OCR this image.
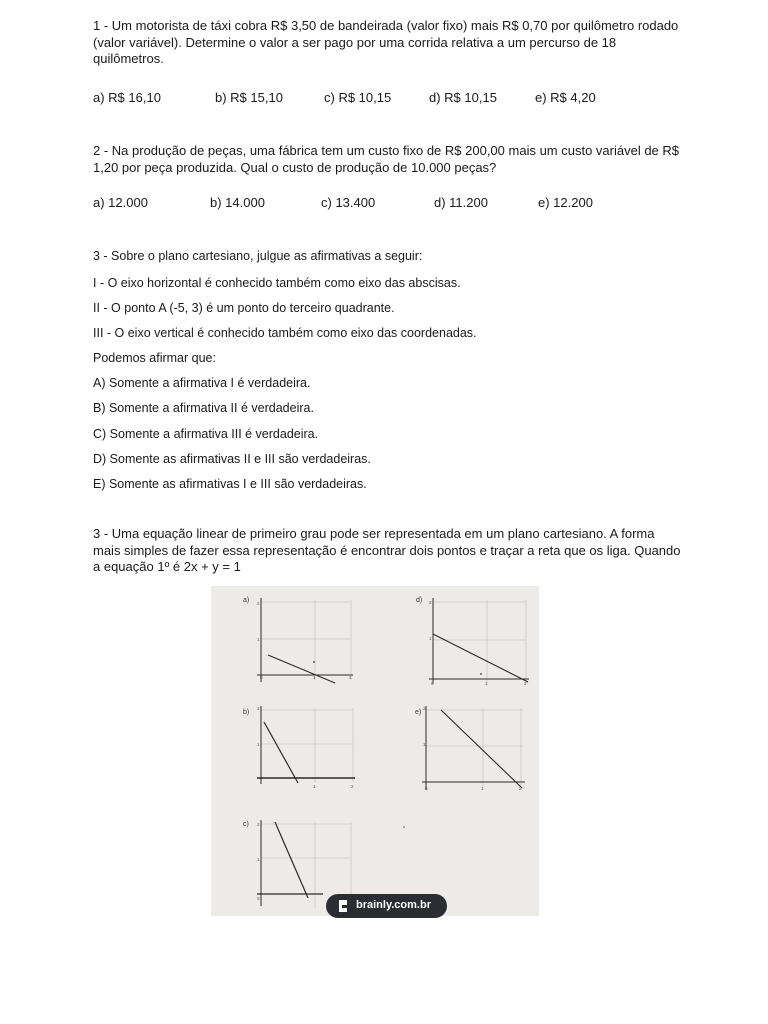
1 - Um motorista de táxi cobra R$ 3,50 de bandeirada (valor fixo) mais R$ 0,70 por quilômetro rodado (valor variável). Determine o valor a ser pago por uma corrida relativa a um percurso de 18 quilômetros.

a) R$ 16,10	b) R$ 15,10	c) R$ 10,15	d) R$ 10,15	e) R$ 4,20

2 - Na produção de peças, uma fábrica tem um custo fixo de R$ 200,00 mais um custo variável de R$ 1,20 por peça produzida. Qual o custo de produção de 10.000 peças?

a) 12.000	b) 14.000	c) 13.400	d) 11.200	e) 12.200
3 - Sobre o plano cartesiano, julgue as afirmativas a seguir:
I - O eixo horizontal é conhecido também como eixo das abscisas.
II - O ponto A (-5, 3) é um ponto do terceiro quadrante.
III - O eixo vertical é conhecido também como eixo das coordenadas.
Podemos afirmar que:
A) Somente a afirmativa I é verdadeira.
B) Somente a afirmativa II é verdadeira.
C) Somente a afirmativa III é verdadeira.
D) Somente as afirmativas II e III são verdadeiras.
E) Somente as afirmativas I e III são verdadeiras.

3 - Uma equação linear de primeiro grau pode ser representada em um plano cartesiano. A forma mais simples de fazer essa representação é encontrar dois pontos e traçar a reta que os liga. Quando a equação 1º é 2x + y = 1

a) 2
1
0	1	2
d) 2
1
0	1	2
b)
2
1
1	2
e)
2
1
0	1	2
c) 2
1
0
brainly.com.br
